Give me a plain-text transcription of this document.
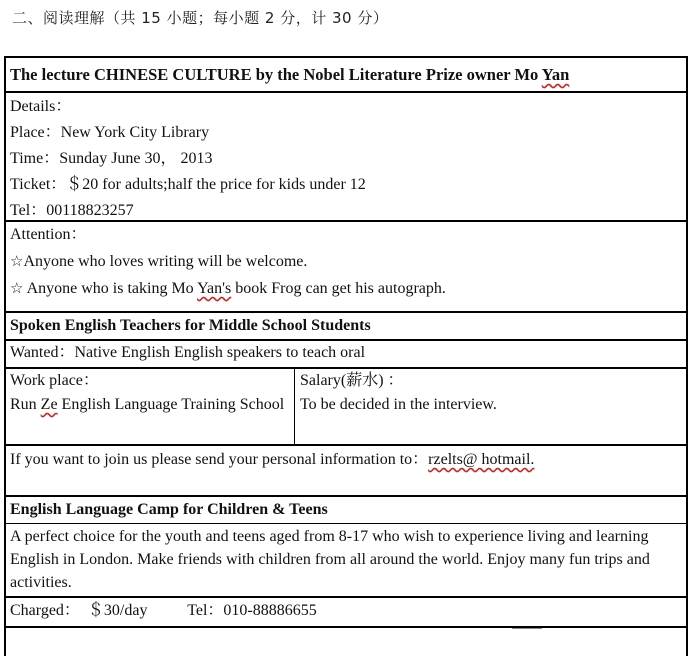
二、阅读理解（共 15 小题；每小题 2 分，计 30 分）
The lecture CHINESE CULTURE by the Nobel Literature Prize owner Mo Yan
Details：
Place：New York City Library
Time：Sunday June 30， 2013
Ticket：＄20 for adults;half the price for kids under 12
Tel：00118823257
Attention：
☆Anyone who loves writing will be welcome.
☆ Anyone who is taking Mo Yan's book Frog can get his autograph.
Spoken English Teachers for Middle School Students
Wanted：Native English English speakers to teach oral
Work place：
Run Ze English Language Training School
Salary(薪水) ：
To be decided in the interview.
If you want to join us please send your personal information to：rzelts@ hotmail.
English Language Camp for Children & Teens
A perfect choice for the youth and teens aged from 8-17 who wish to experience living and learning English in London. Make friends with children from all around the world. Enjoy many fun trips and activities.
Charged：  ＄30/day Tel：010-88886655
